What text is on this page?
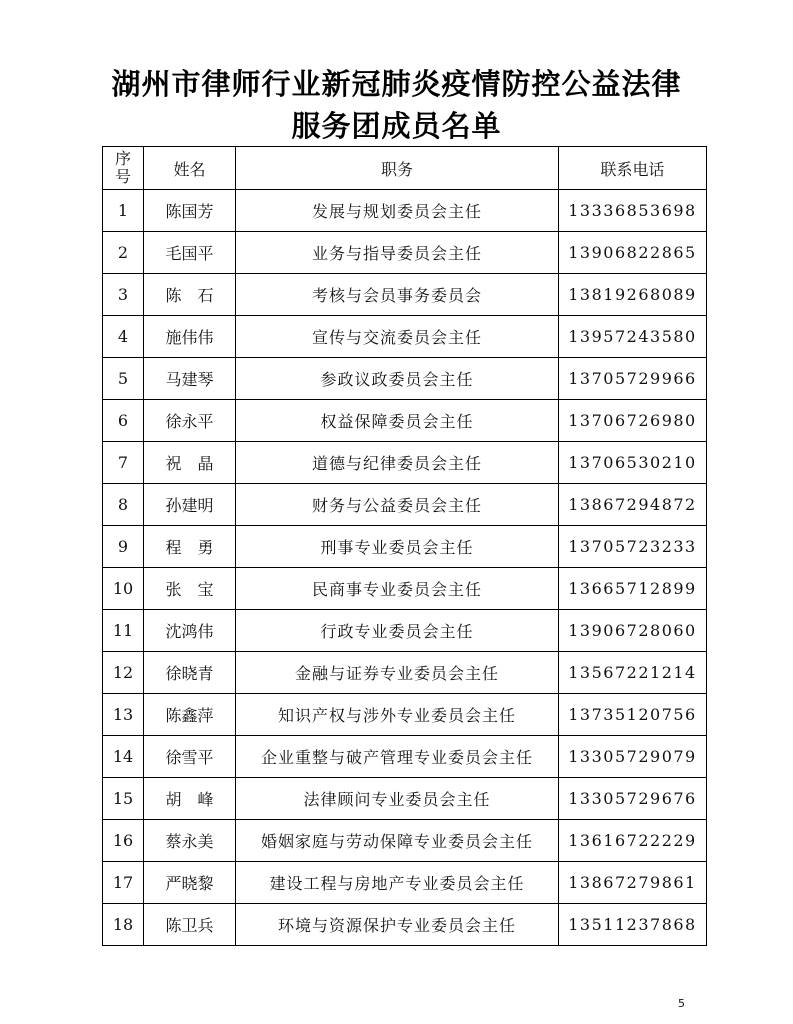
湖州市律师行业新冠肺炎疫情防控公益法律
服务团成员名单
序
号	姓名	职务	联系电话
1	陈国芳	发展与规划委员会主任	13336853698
2	毛国平	业务与指导委员会主任	13906822865
3	陈　石	考核与会员事务委员会	13819268089
4	施伟伟	宣传与交流委员会主任	13957243580
5	马建琴	参政议政委员会主任	13705729966
6	徐永平	权益保障委员会主任	13706726980
7	祝　晶	道德与纪律委员会主任	13706530210
8	孙建明	财务与公益委员会主任	13867294872
9	程　勇	刑事专业委员会主任	13705723233
10	张　宝	民商事专业委员会主任	13665712899
11	沈鸿伟	行政专业委员会主任	13906728060
12	徐晓青	金融与证券专业委员会主任	13567221214
13	陈鑫萍	知识产权与涉外专业委员会主任	13735120756
14	徐雪平	企业重整与破产管理专业委员会主任	13305729079
15	胡　峰	法律顾问专业委员会主任	13305729676
16	蔡永美	婚姻家庭与劳动保障专业委员会主任	13616722229
17	严晓黎	建设工程与房地产专业委员会主任	13867279861
18	陈卫兵	环境与资源保护专业委员会主任	13511237868
5
